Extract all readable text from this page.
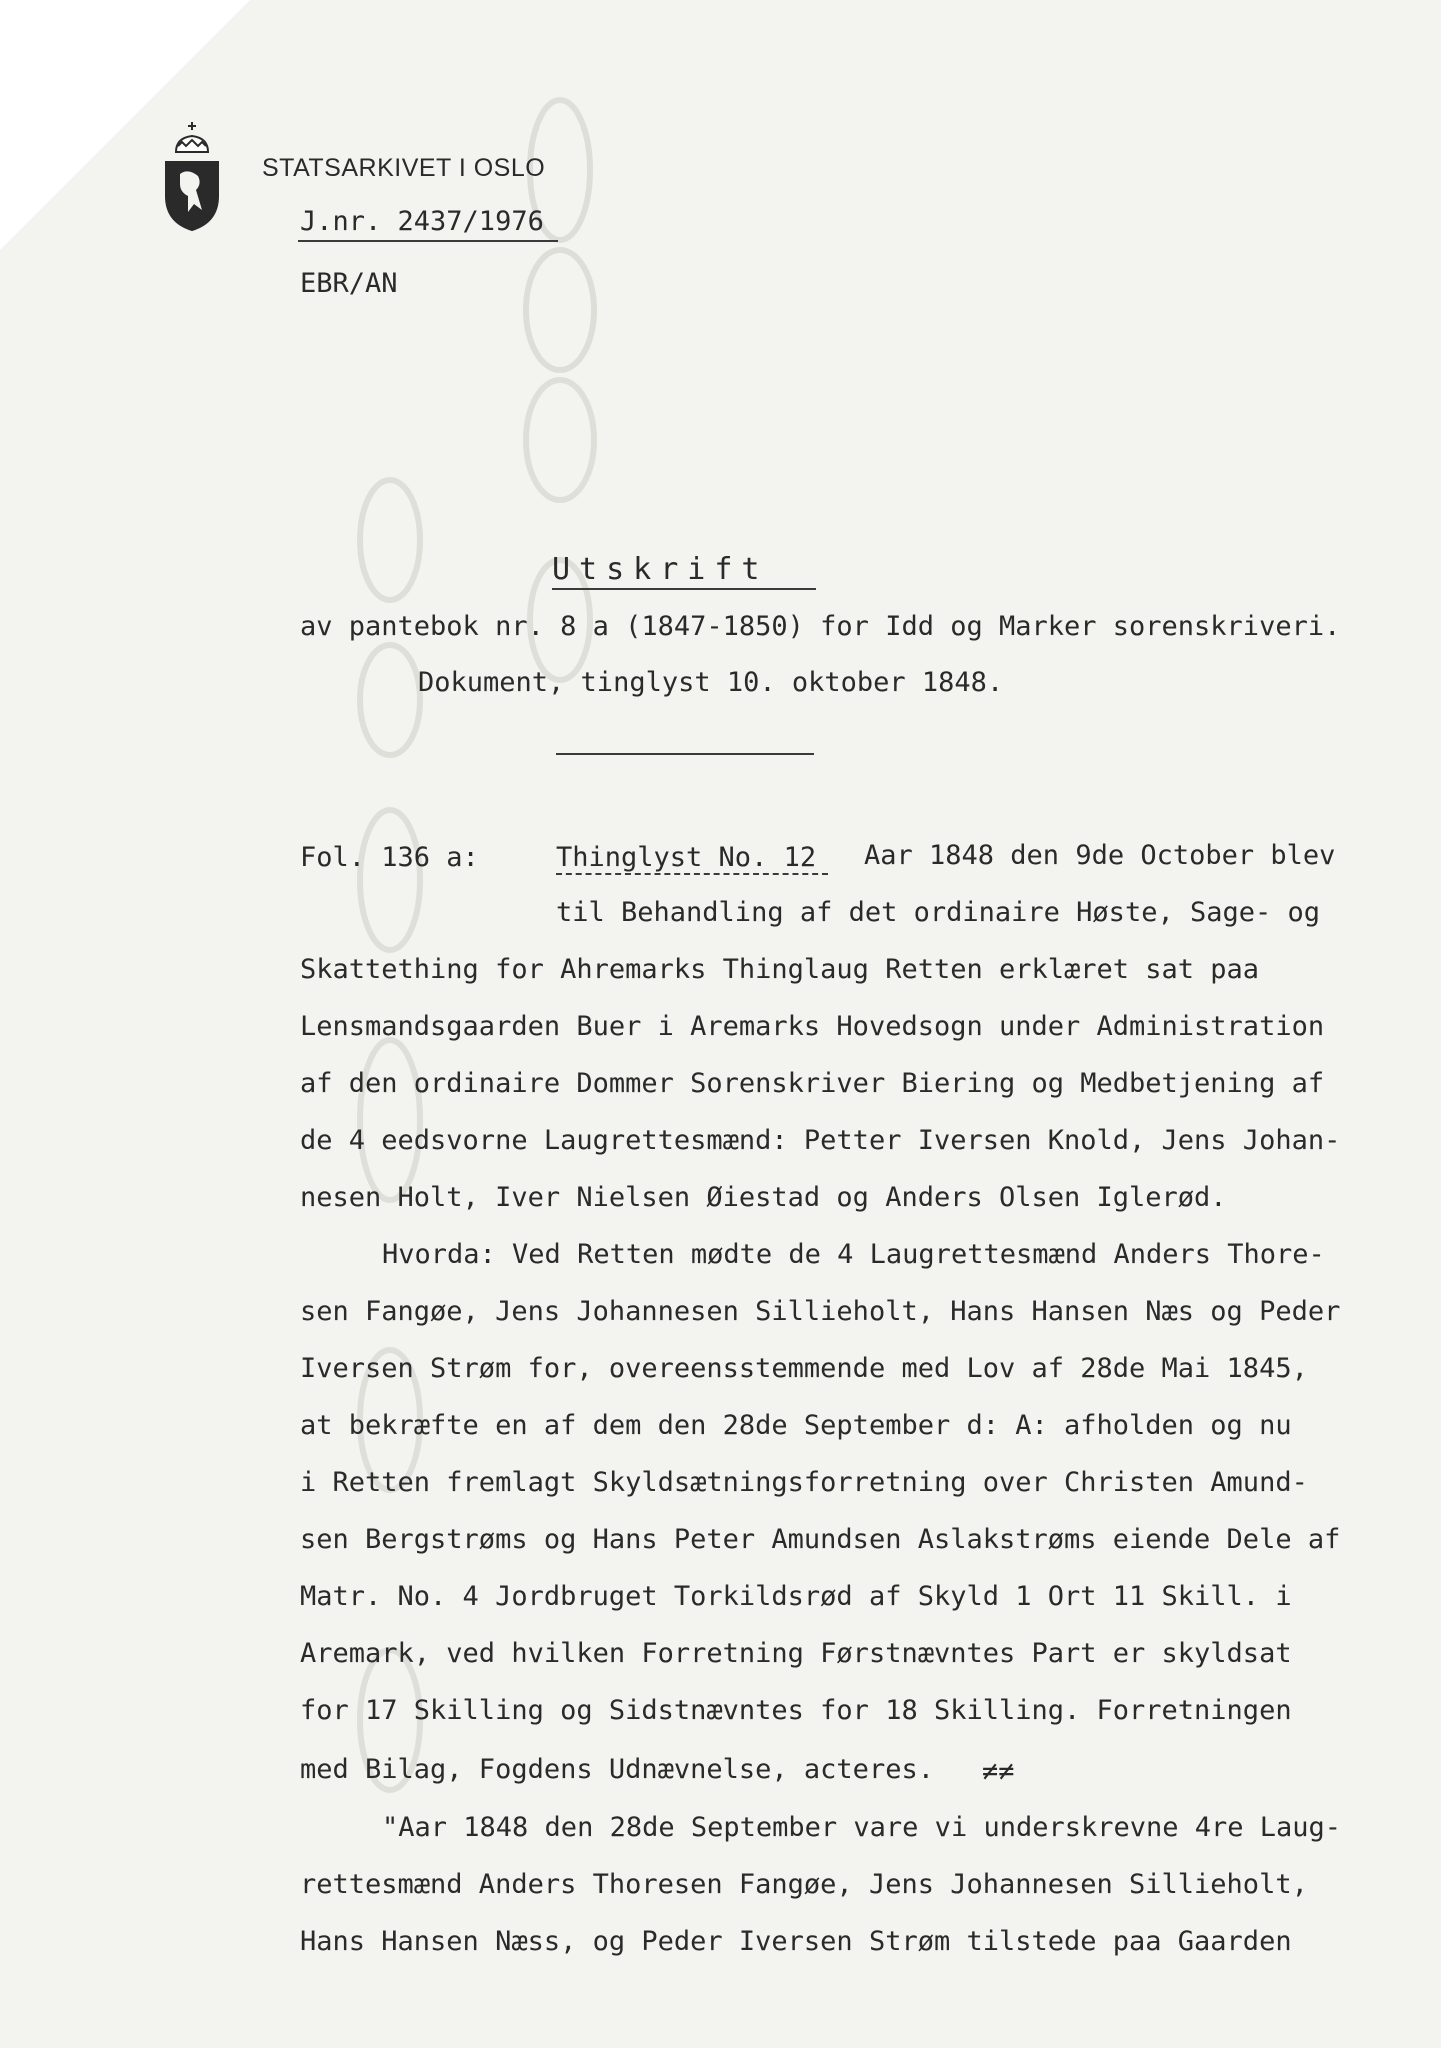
STATSARKIVET I OSLO
J.nr. 2437/1976
EBR/AN
Utskrift
av pantebok nr. 8 a (1847-1850) for Idd og Marker sorenskriveri.
Dokument, tinglyst 10. oktober 1848.
Fol. 136 a:	Thinglyst No. 12 Aar 1848 den 9de October blev
til Behandling af det ordinaire Høste, Sage- og
Skattething for Ahremarks Thinglaug Retten erklæret sat paa
Lensmandsgaarden Buer i Aremarks Hovedsogn under Administration
af den ordinaire Dommer Sorenskriver Biering og Medbetjening af
de 4 eedsvorne Laugrettesmænd: Petter Iversen Knold, Jens Johan-
nesen Holt, Iver Nielsen Øiestad og Anders Olsen Iglerød.
Hvorda: Ved Retten mødte de 4 Laugrettesmænd Anders Thore-
sen Fangøe, Jens Johannesen Sillieholt, Hans Hansen Næs og Peder
Iversen Strøm for, overeensstemmende med Lov af 28de Mai 1845,
at bekræfte en af dem den 28de September d: A: afholden og nu
i Retten fremlagt Skyldsætningsforretning over Christen Amund-
sen Bergstrøms og Hans Peter Amundsen Aslakstrøms eiende Dele af
Matr. No. 4 Jordbruget Torkildsrød af Skyld 1 Ort 11 Skill. i
Aremark, ved hvilken Forretning Førstnævntes Part er skyldsat
for 17 Skilling og Sidstnævntes for 18 Skilling. Forretningen
med Bilag, Fogdens Udnævnelse, acteres. ≠≠
"Aar 1848 den 28de September vare vi underskrevne 4re Laug-
rettesmænd Anders Thoresen Fangøe, Jens Johannesen Sillieholt,
Hans Hansen Næss, og Peder Iversen Strøm tilstede paa Gaarden
